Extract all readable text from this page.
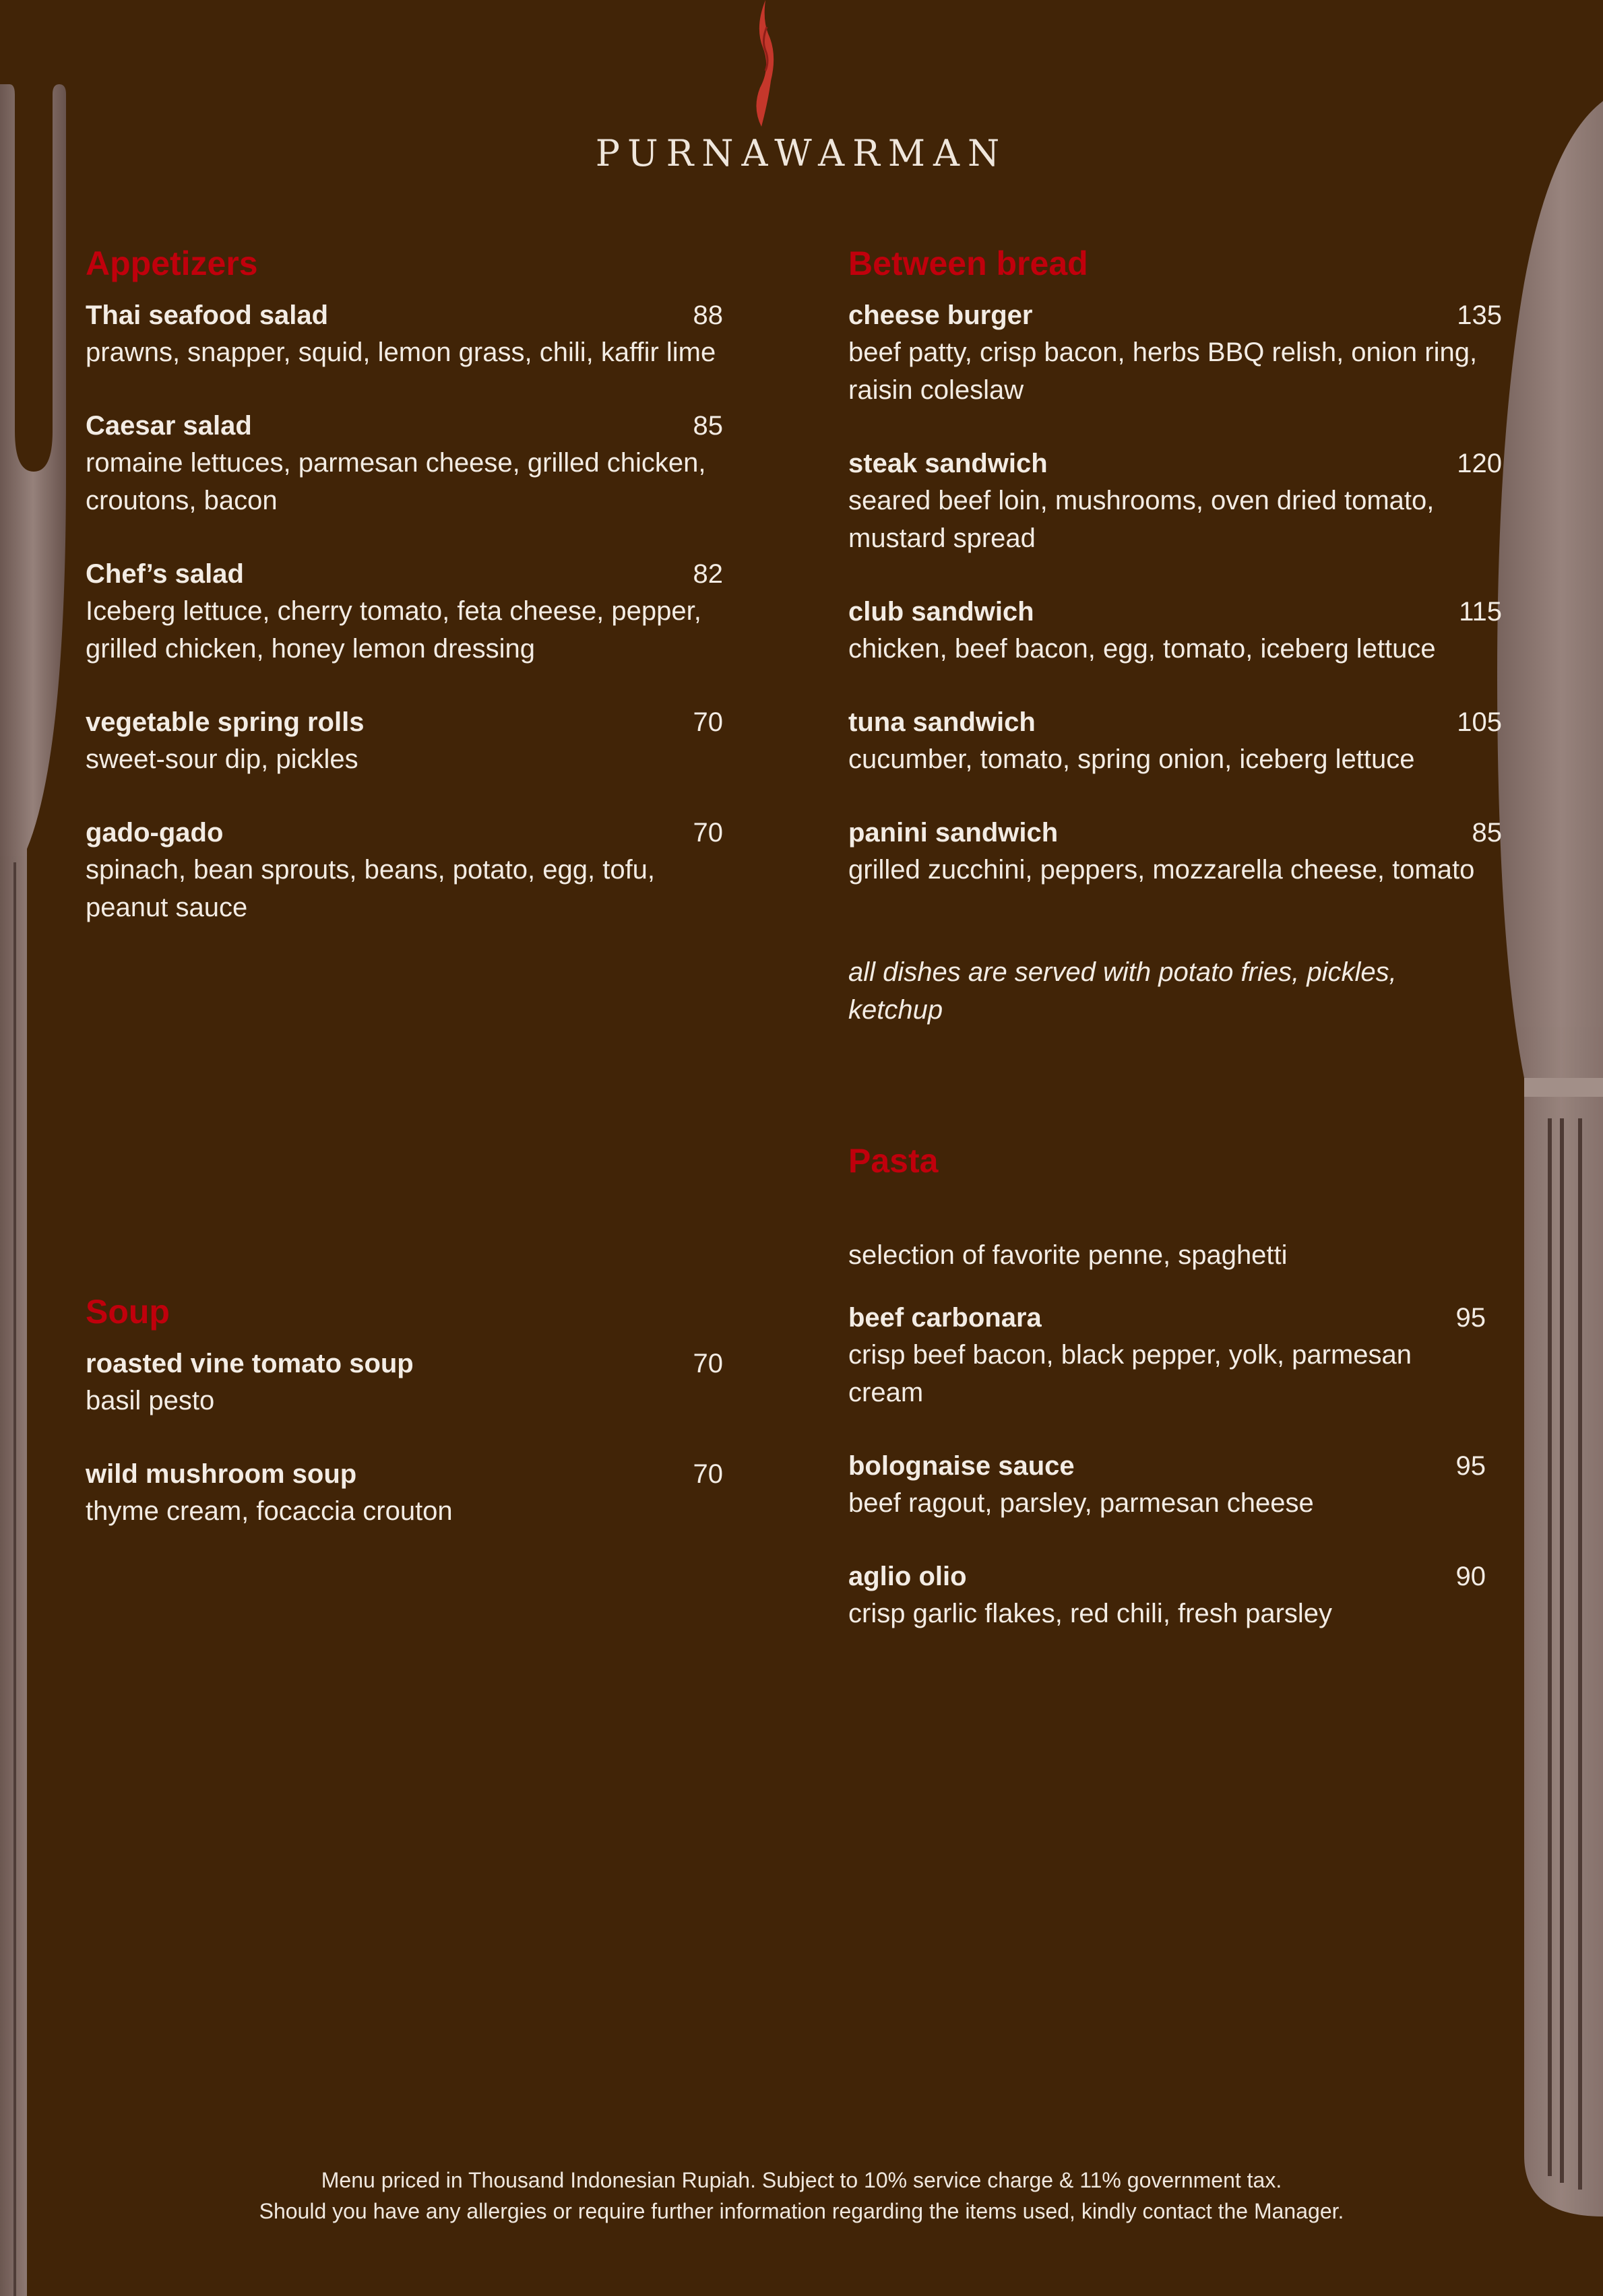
PURNAWARMAN
Appetizers
Thai seafood salad	88
prawns, snapper, squid, lemon grass, chili, kaffir lime
Caesar salad	85
romaine lettuces, parmesan cheese, grilled chicken, croutons, bacon
Chef’s salad	82
Iceberg lettuce, cherry tomato, feta cheese, pepper, grilled chicken, honey lemon dressing
vegetable spring rolls	70
sweet-sour dip, pickles
gado-gado	70
spinach, bean sprouts, beans, potato, egg, tofu, peanut sauce
Soup
roasted vine tomato soup	70
basil pesto
wild mushroom soup	70
thyme cream, focaccia crouton
Between bread
cheese burger	135
beef patty, crisp bacon, herbs BBQ relish, onion ring, raisin coleslaw
steak sandwich	120
seared beef loin, mushrooms, oven dried tomato, mustard spread
club sandwich	115
chicken, beef bacon, egg, tomato, iceberg lettuce
tuna sandwich	105
cucumber, tomato, spring onion, iceberg lettuce
panini sandwich	85
grilled zucchini, peppers, mozzarella cheese, tomato
all dishes are served with potato fries, pickles, ketchup
Pasta
selection of favorite penne, spaghetti
beef carbonara	95
crisp beef bacon, black pepper, yolk, parmesan cream
bolognaise sauce	95
beef ragout, parsley, parmesan cheese
aglio olio	90
crisp garlic flakes, red chili, fresh parsley
Menu priced in Thousand Indonesian Rupiah. Subject to 10% service charge & 11% government tax.
Should you have any allergies or require further information regarding the items used, kindly contact the Manager.
